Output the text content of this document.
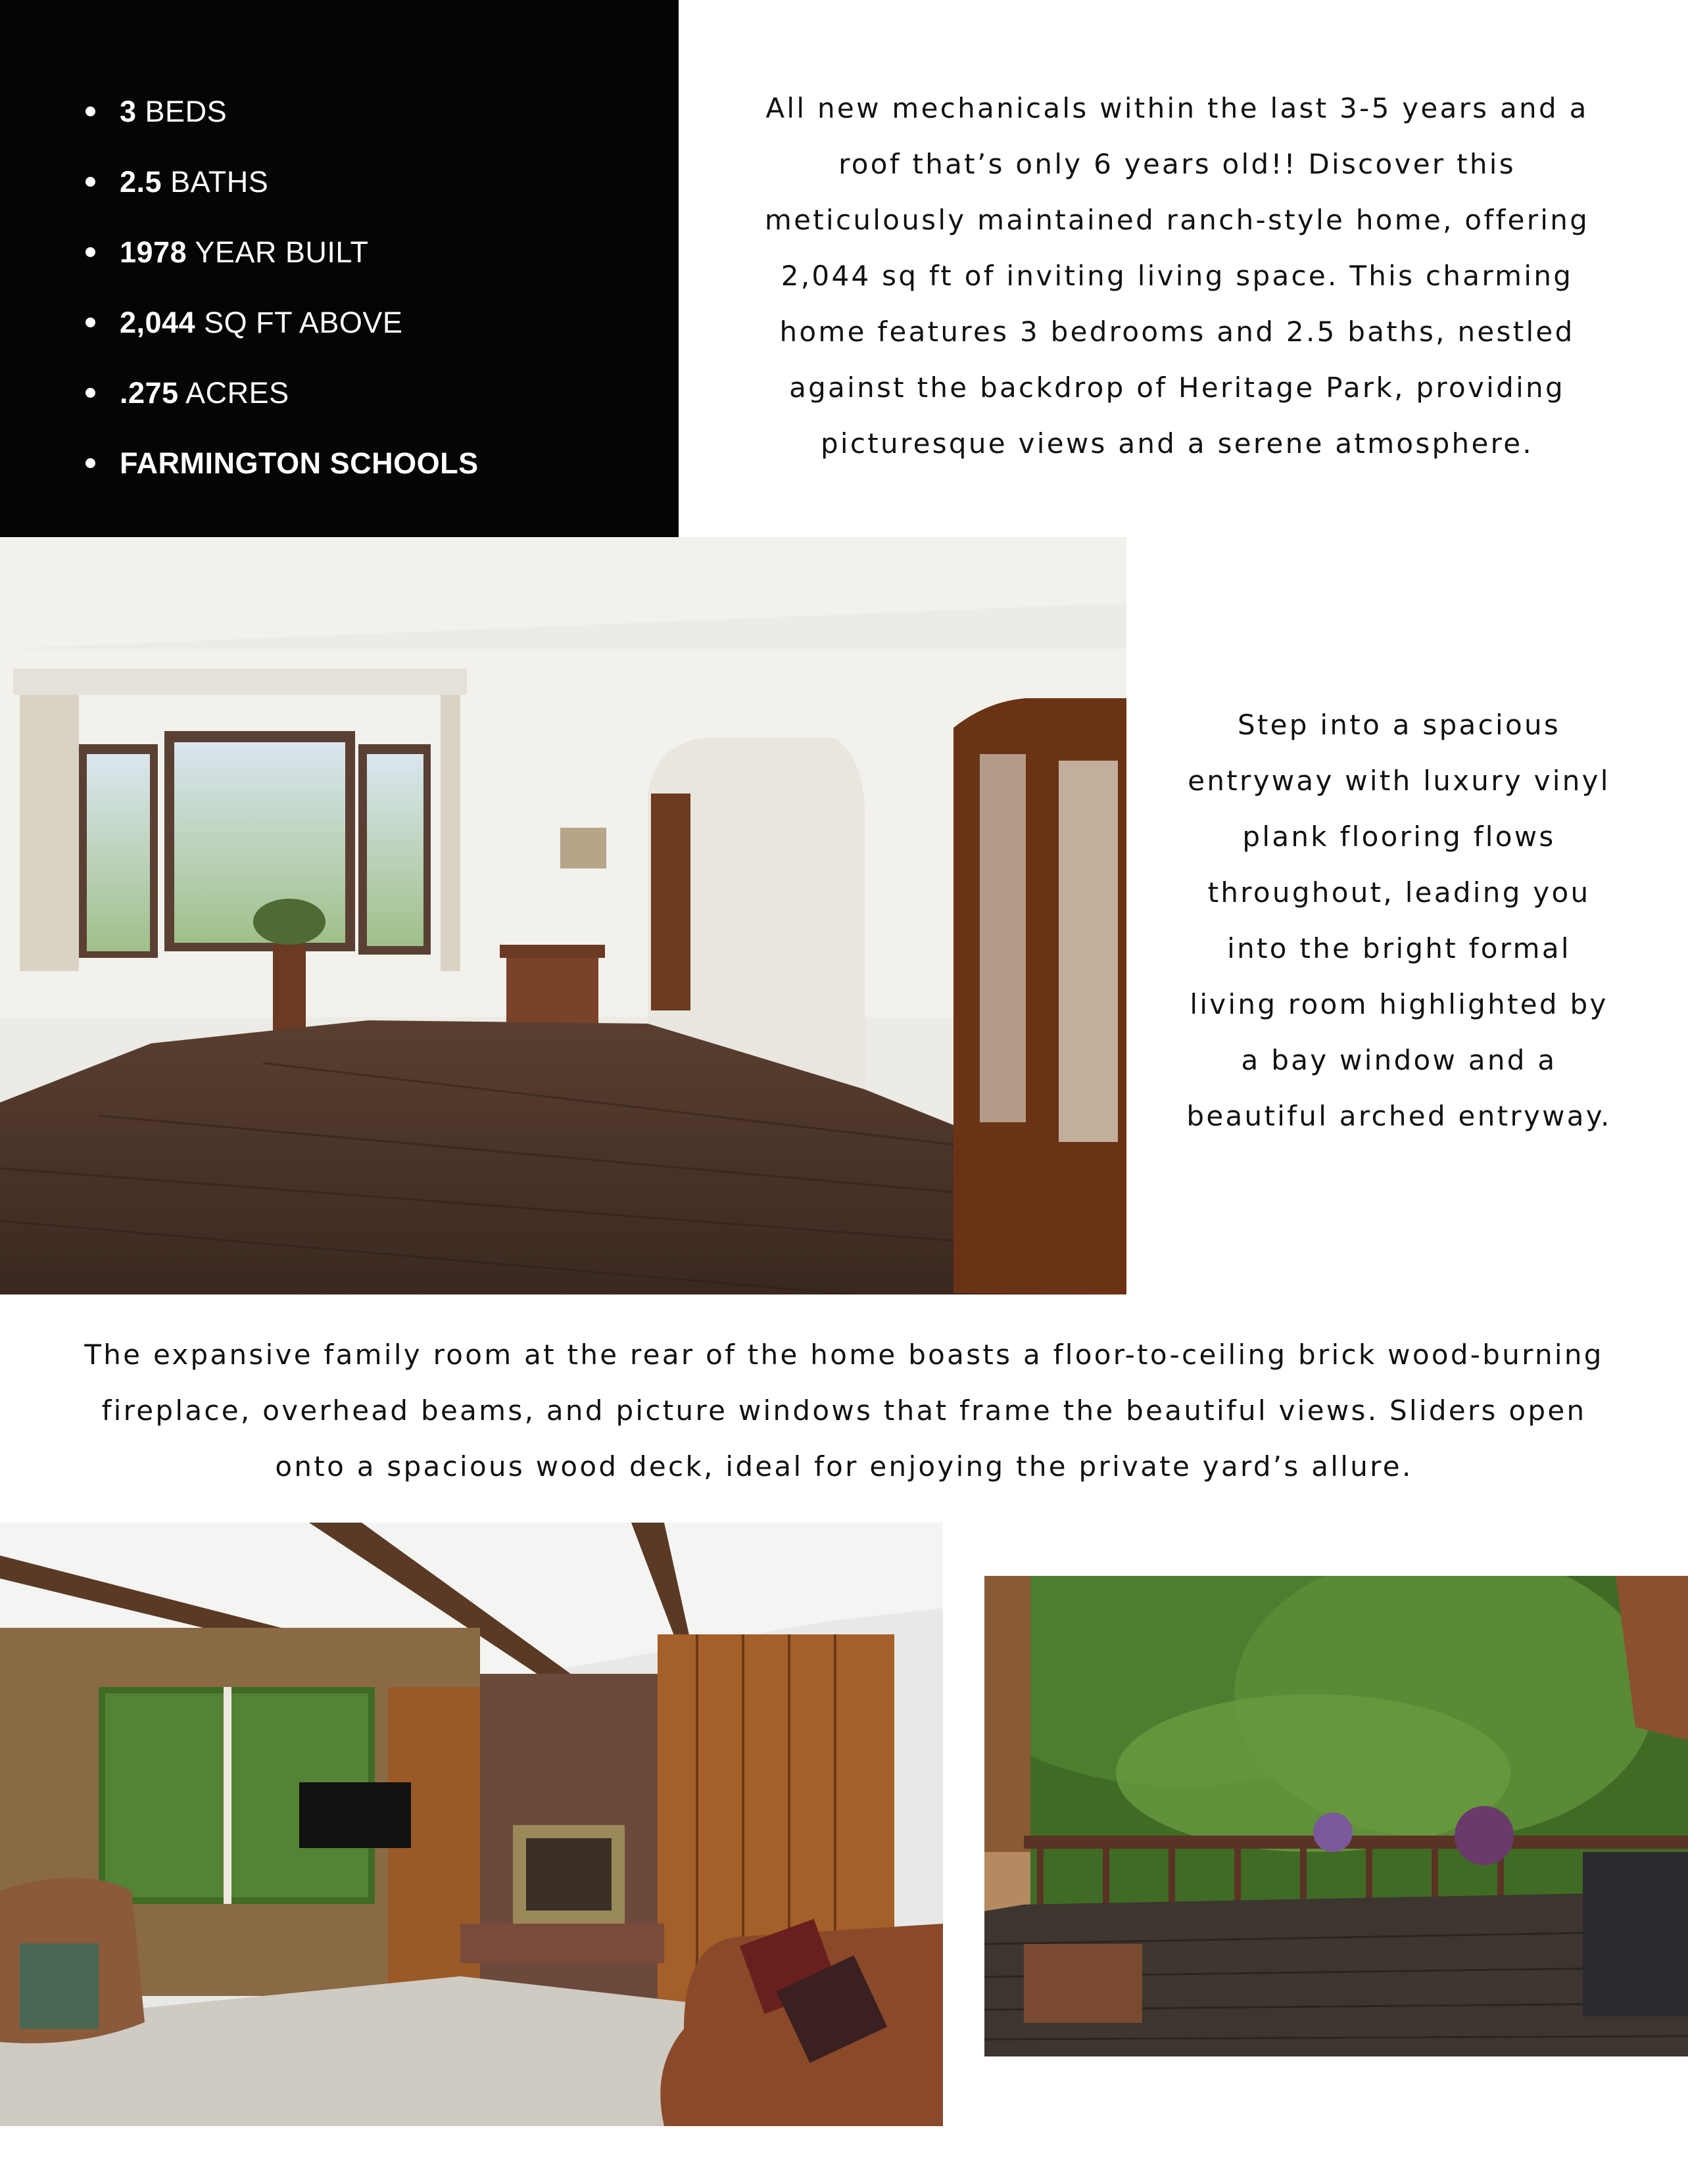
3 BEDS
2.5 BATHS
1978 YEAR BUILT
2,044 SQ FT ABOVE
.275 ACRES
FARMINGTON SCHOOLS
All new mechanicals within the last 3-5 years and a
roof that’s only 6 years old!! Discover this
meticulously maintained ranch-style home, offering
2,044 sq ft of inviting living space. This charming
home features 3 bedrooms and 2.5 baths, nestled
against the backdrop of Heritage Park, providing
picturesque views and a serene atmosphere.
Step into a spacious
entryway with luxury vinyl
plank flooring flows
throughout, leading you
into the bright formal
living room highlighted by
a bay window and a
beautiful arched entryway.
The expansive family room at the rear of the home boasts a floor-to-ceiling brick wood-burning
fireplace, overhead beams, and picture windows that frame the beautiful views. Sliders open
onto a spacious wood deck, ideal for enjoying the private yard’s allure.
